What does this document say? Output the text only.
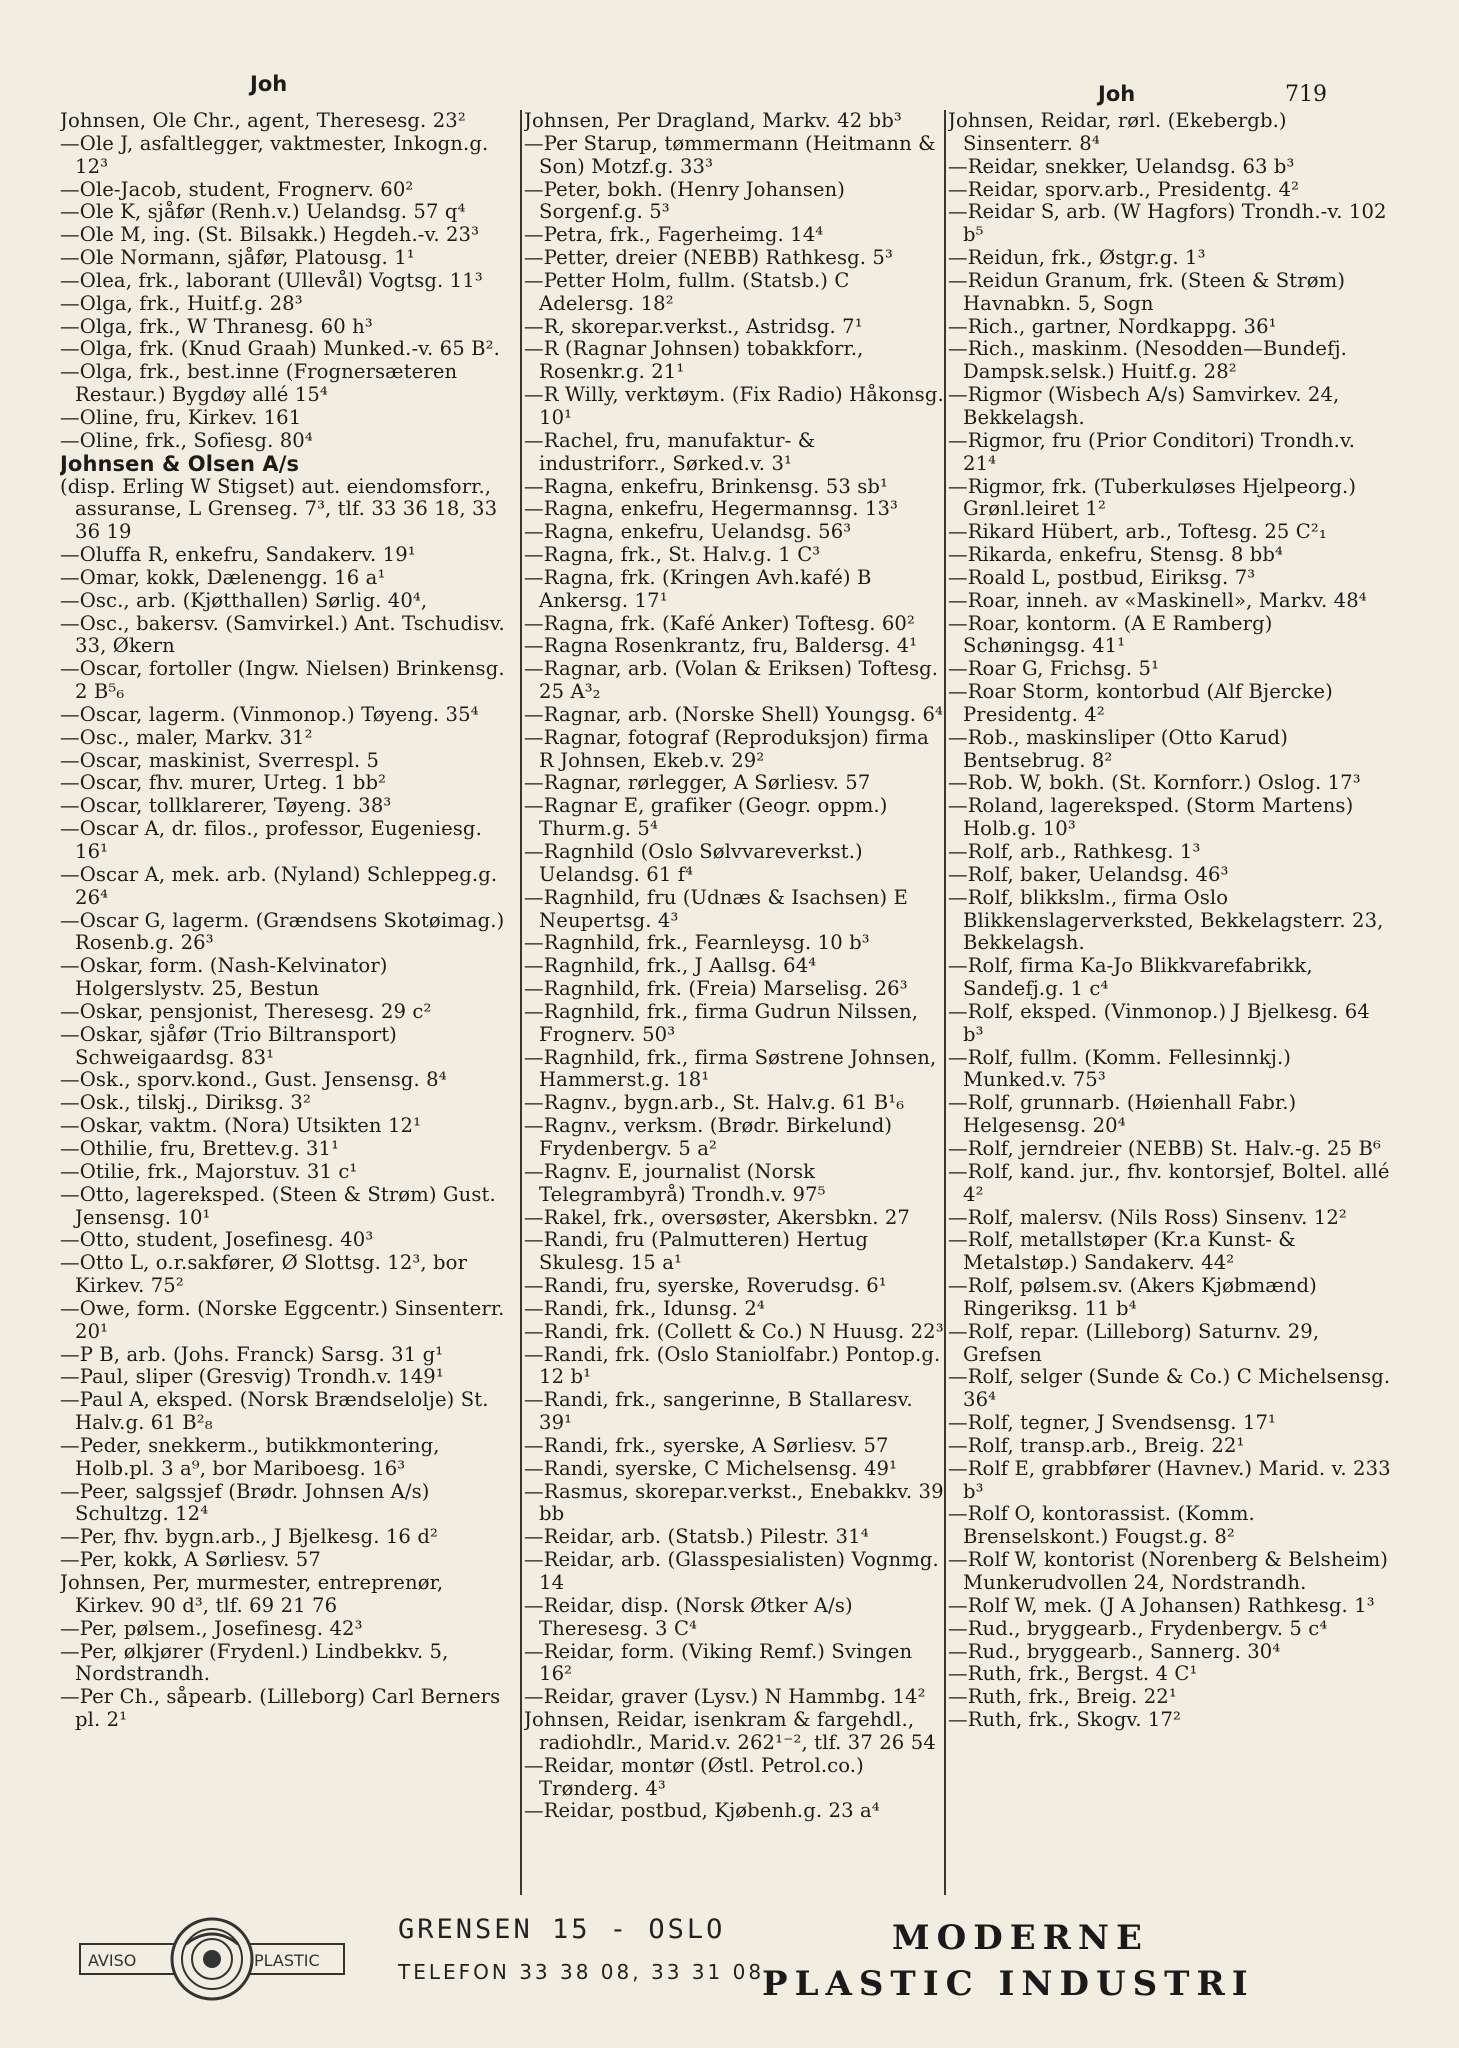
Joh	Joh	719
Johnsen, Ole Chr., agent, Theresesg. 23²
—Ole J, asfaltlegger, vaktmester, Inkogn.g. 12³
—Ole-Jacob, student, Frognerv. 60²
—Ole K, sjåfør (Renh.v.) Uelandsg. 57 q⁴
—Ole M, ing. (St. Bilsakk.) Hegdeh.-v. 23³
—Ole Normann, sjåfør, Platousg. 1¹
—Olea, frk., laborant (Ullevål) Vogtsg. 11³
—Olga, frk., Huitf.g. 28³
—Olga, frk., W Thranesg. 60 h³
—Olga, frk. (Knud Graah) Munked.-v. 65 B².
—Olga, frk., best.inne (Frognersæteren Restaur.) Bygdøy allé 15⁴
—Oline, fru, Kirkev. 161
—Oline, frk., Sofiesg. 80⁴
Johnsen & Olsen A/s
(disp. Erling W Stigset) aut. eiendomsforr., assuranse, L Grenseg. 7³, tlf. 33 36 18, 33 36 19
—Oluffa R, enkefru, Sandakerv. 19¹
—Omar, kokk, Dælenengg. 16 a¹
—Osc., arb. (Kjøtthallen) Sørlig. 40⁴,
—Osc., bakersv. (Samvirkel.) Ant. Tschudisv. 33, Økern
—Oscar, fortoller (Ingw. Nielsen) Brinkensg. 2 B⁵₆
—Oscar, lagerm. (Vinmonop.) Tøyeng. 35⁴
—Osc., maler, Markv. 31²
—Oscar, maskinist, Sverrespl. 5
—Oscar, fhv. murer, Urteg. 1 bb²
—Oscar, tollklarerer, Tøyeng. 38³
—Oscar A, dr. filos., professor, Eugeniesg. 16¹
—Oscar A, mek. arb. (Nyland) Schleppeg.g. 26⁴
—Oscar G, lagerm. (Grændsens Skotøimag.) Rosenb.g. 26³
—Oskar, form. (Nash-Kelvinator) Holgerslystv. 25, Bestun
—Oskar, pensjonist, Theresesg. 29 c²
—Oskar, sjåfør (Trio Biltransport) Schweigaardsg. 83¹
—Osk., sporv.kond., Gust. Jensensg. 8⁴
—Osk., tilskj., Diriksg. 3²
—Oskar, vaktm. (Nora) Utsikten 12¹
—Othilie, fru, Brettev.g. 31¹
—Otilie, frk., Majorstuv. 31 c¹
—Otto, lagereksped. (Steen & Strøm) Gust. Jensensg. 10¹
—Otto, student, Josefinesg. 40³
—Otto L, o.r.sakfører, Ø Slottsg. 12³, bor Kirkev. 75²
—Owe, form. (Norske Eggcentr.) Sinsenterr. 20¹
—P B, arb. (Johs. Franck) Sarsg. 31 g¹
—Paul, sliper (Gresvig) Trondh.v. 149¹
—Paul A, eksped. (Norsk Brændselolje) St. Halv.g. 61 B²₈
—Peder, snekkerm., butikkmontering, Holb.pl. 3 a⁹, bor Mariboesg. 16³
—Peer, salgssjef (Brødr. Johnsen A/s) Schultzg. 12⁴
—Per, fhv. bygn.arb., J Bjelkesg. 16 d²
—Per, kokk, A Sørliesv. 57
Johnsen, Per, murmester, entreprenør, Kirkev. 90 d³, tlf. 69 21 76
—Per, pølsem., Josefinesg. 42³
—Per, ølkjører (Frydenl.) Lindbekkv. 5, Nordstrandh.
—Per Ch., såpearb. (Lilleborg) Carl Berners pl. 2¹
Johnsen, Per Dragland, Markv. 42 bb³
—Per Starup, tømmermann (Heitmann & Son) Motzf.g. 33³
—Peter, bokh. (Henry Johansen) Sorgenf.g. 5³
—Petra, frk., Fagerheimg. 14⁴
—Petter, dreier (NEBB) Rathkesg. 5³
—Petter Holm, fullm. (Statsb.) C Adelersg. 18²
—R, skorepar.verkst., Astridsg. 7¹
—R (Ragnar Johnsen) tobakkforr., Rosenkr.g. 21¹
—R Willy, verktøym. (Fix Radio) Håkonsg. 10¹
—Rachel, fru, manufaktur- & industriforr., Sørked.v. 3¹
—Ragna, enkefru, Brinkensg. 53 sb¹
—Ragna, enkefru, Hegermannsg. 13³
—Ragna, enkefru, Uelandsg. 56³
—Ragna, frk., St. Halv.g. 1 C³
—Ragna, frk. (Kringen Avh.kafé) B Ankersg. 17¹
—Ragna, frk. (Kafé Anker) Toftesg. 60²
—Ragna Rosenkrantz, fru, Baldersg. 4¹
—Ragnar, arb. (Volan & Eriksen) Toftesg. 25 A³₂
—Ragnar, arb. (Norske Shell) Youngsg. 6⁴
—Ragnar, fotograf (Reproduksjon) firma R Johnsen, Ekeb.v. 29²
—Ragnar, rørlegger, A Sørliesv. 57
—Ragnar E, grafiker (Geogr. oppm.) Thurm.g. 5⁴
—Ragnhild (Oslo Sølvvareverkst.) Uelandsg. 61 f⁴
—Ragnhild, fru (Udnæs & Isachsen) E Neupertsg. 4³
—Ragnhild, frk., Fearnleysg. 10 b³
—Ragnhild, frk., J Aallsg. 64⁴
—Ragnhild, frk. (Freia) Marselisg. 26³
—Ragnhild, frk., firma Gudrun Nilssen, Frognerv. 50³
—Ragnhild, frk., firma Søstrene Johnsen, Hammerst.g. 18¹
—Ragnv., bygn.arb., St. Halv.g. 61 B¹₆
—Ragnv., verksm. (Brødr. Birkelund) Frydenbergv. 5 a²
—Ragnv. E, journalist (Norsk Telegrambyrå) Trondh.v. 97⁵
—Rakel, frk., oversøster, Akersbkn. 27
—Randi, fru (Palmutteren) Hertug Skulesg. 15 a¹
—Randi, fru, syerske, Roverudsg. 6¹
—Randi, frk., Idunsg. 2⁴
—Randi, frk. (Collett & Co.) N Huusg. 22³
—Randi, frk. (Oslo Staniolfabr.) Pontop.g. 12 b¹
—Randi, frk., sangerinne, B Stallaresv. 39¹
—Randi, frk., syerske, A Sørliesv. 57
—Randi, syerske, C Michelsensg. 49¹
—Rasmus, skorepar.verkst., Enebakkv. 39 bb
—Reidar, arb. (Statsb.) Pilestr. 31⁴
—Reidar, arb. (Glasspesialisten) Vognmg. 14
—Reidar, disp. (Norsk Øtker A/s) Theresesg. 3 C⁴
—Reidar, form. (Viking Remf.) Svingen 16²
—Reidar, graver (Lysv.) N Hammbg. 14²
Johnsen, Reidar, isenkram & fargehdl., radiohdlr., Marid.v. 262¹⁻², tlf. 37 26 54
—Reidar, montør (Østl. Petrol.co.) Trønderg. 4³
—Reidar, postbud, Kjøbenh.g. 23 a⁴
Johnsen, Reidar, rørl. (Ekebergb.) Sinsenterr. 8⁴
—Reidar, snekker, Uelandsg. 63 b³
—Reidar, sporv.arb., Presidentg. 4²
—Reidar S, arb. (W Hagfors) Trondh.-v. 102 b⁵
—Reidun, frk., Østgr.g. 1³
—Reidun Granum, frk. (Steen & Strøm) Havnabkn. 5, Sogn
—Rich., gartner, Nordkappg. 36¹
—Rich., maskinm. (Nesodden—Bundefj. Dampsk.selsk.) Huitf.g. 28²
—Rigmor (Wisbech A/s) Samvirkev. 24, Bekkelagsh.
—Rigmor, fru (Prior Conditori) Trondh.v. 21⁴
—Rigmor, frk. (Tuberkuløses Hjelpeorg.) Grønl.leiret 1²
—Rikard Hübert, arb., Toftesg. 25 C²₁
—Rikarda, enkefru, Stensg. 8 bb⁴
—Roald L, postbud, Eiriksg. 7³
—Roar, inneh. av «Maskinell», Markv. 48⁴
—Roar, kontorm. (A E Ramberg) Schøningsg. 41¹
—Roar G, Frichsg. 5¹
—Roar Storm, kontorbud (Alf Bjercke) Presidentg. 4²
—Rob., maskinsliper (Otto Karud) Bentsebrug. 8²
—Rob. W, bokh. (St. Kornforr.) Oslog. 17³
—Roland, lagereksped. (Storm Martens) Holb.g. 10³
—Rolf, arb., Rathkesg. 1³
—Rolf, baker, Uelandsg. 46³
—Rolf, blikkslm., firma Oslo Blikkenslagerverksted, Bekkelagsterr. 23, Bekkelagsh.
—Rolf, firma Ka-Jo Blikkvarefabrikk, Sandefj.g. 1 c⁴
—Rolf, eksped. (Vinmonop.) J Bjelkesg. 64 b³
—Rolf, fullm. (Komm. Fellesinnkj.) Munked.v. 75³
—Rolf, grunnarb. (Høienhall Fabr.) Helgesensg. 20⁴
—Rolf, jerndreier (NEBB) St. Halv.-g. 25 B⁶
—Rolf, kand. jur., fhv. kontorsjef, Boltel. allé 4²
—Rolf, malersv. (Nils Ross) Sinsenv. 12²
—Rolf, metallstøper (Kr.a Kunst- & Metalstøp.) Sandakerv. 44²
—Rolf, pølsem.sv. (Akers Kjøbmænd) Ringeriksg. 11 b⁴
—Rolf, repar. (Lilleborg) Saturnv. 29, Grefsen
—Rolf, selger (Sunde & Co.) C Michelsensg. 36⁴
—Rolf, tegner, J Svendsensg. 17¹
—Rolf, transp.arb., Breig. 22¹
—Rolf E, grabbfører (Havnev.) Marid. v. 233 b³
—Rolf O, kontorassist. (Komm. Brenselskont.) Fougst.g. 8²
—Rolf W, kontorist (Norenberg & Belsheim) Munkerudvollen 24, Nordstrandh.
—Rolf W, mek. (J A Johansen) Rathkesg. 1³
—Rud., bryggearb., Frydenbergv. 5 c⁴
—Rud., bryggearb., Sannerg. 30⁴
—Ruth, frk., Bergst. 4 C¹
—Ruth, frk., Breig. 22¹
—Ruth, frk., Skogv. 17²
AVISO	PLASTIC
GRENSEN 15 - OSLO
TELEFON 33 38 08, 33 31 08
MODERNE
PLASTIC INDUSTRI
